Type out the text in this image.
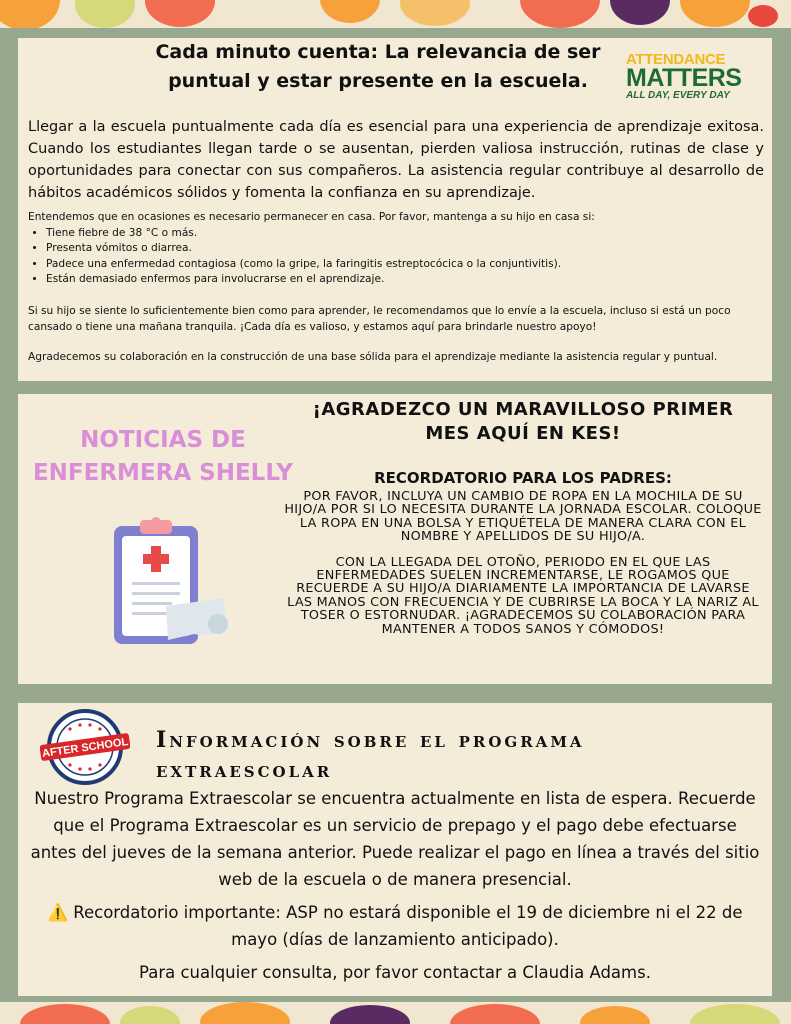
Cada minuto cuenta: La relevancia de ser puntual y estar presente en la escuela.
ATTENDANCE
MATTERS
ALL DAY, EVERY DAY
Llegar a la escuela puntualmente cada día es esencial para una experiencia de aprendizaje exitosa. Cuando los estudiantes llegan tarde o se ausentan, pierden valiosa instrucción, rutinas de clase y oportunidades para conectar con sus compañeros. La asistencia regular contribuye al desarrollo de hábitos académicos sólidos y fomenta la confianza en su aprendizaje.
Entendemos que en ocasiones es necesario permanecer en casa. Por favor, mantenga a su hijo en casa si:
• Tiene fiebre de 38 °C o más.
• Presenta vómitos o diarrea.
• Padece una enfermedad contagiosa (como la gripe, la faringitis estreptocócica o la conjuntivitis).
• Están demasiado enfermos para involucrarse en el aprendizaje.
Si su hijo se siente lo suficientemente bien como para aprender, le recomendamos que lo envíe a la escuela, incluso si está un poco cansado o tiene una mañana tranquila. ¡Cada día es valioso, y estamos aquí para brindarle nuestro apoyo!
Agradecemos su colaboración en la construcción de una base sólida para el aprendizaje mediante la asistencia regular y puntual.
NOTICIAS DE ENFERMERA SHELLY
¡AGRADEZCO UN MARAVILLOSO PRIMER MES AQUÍ EN KES!
RECORDATORIO PARA LOS PADRES:

POR FAVOR, INCLUYA UN CAMBIO DE ROPA EN LA MOCHILA DE SU HIJO/A POR SI LO NECESITA DURANTE LA JORNADA ESCOLAR. COLOQUE LA ROPA EN UNA BOLSA Y ETIQUÉTELA DE MANERA CLARA CON EL NOMBRE Y APELLIDOS DE SU HIJO/A.

CON LA LLEGADA DEL OTOÑO, PERIODO EN EL QUE LAS ENFERMEDADES SUELEN INCREMENTARSE, LE ROGAMOS QUE RECUERDE A SU HIJO/A DIARIAMENTE LA IMPORTANCIA DE LAVARSE LAS MANOS CON FRECUENCIA Y DE CUBRIRSE LA BOCA Y LA NARIZ AL TOSER O ESTORNUDAR. ¡AGRADECEMOS SU COLABORACIÓN PARA MANTENER A TODOS SANOS Y CÓMODOS!

AFTER SCHOOL Información sobre el programa extraescolar

Nuestro Programa Extraescolar se encuentra actualmente en lista de espera. Recuerde que el Programa Extraescolar es un servicio de prepago y el pago debe efectuarse antes del jueves de la semana anterior. Puede realizar el pago en línea a través del sitio web de la escuela o de manera presencial.

⚠️ Recordatorio importante: ASP no estará disponible el 19 de diciembre ni el 22 de mayo (días de lanzamiento anticipado).

Para cualquier consulta, por favor contactar a Claudia Adams.
